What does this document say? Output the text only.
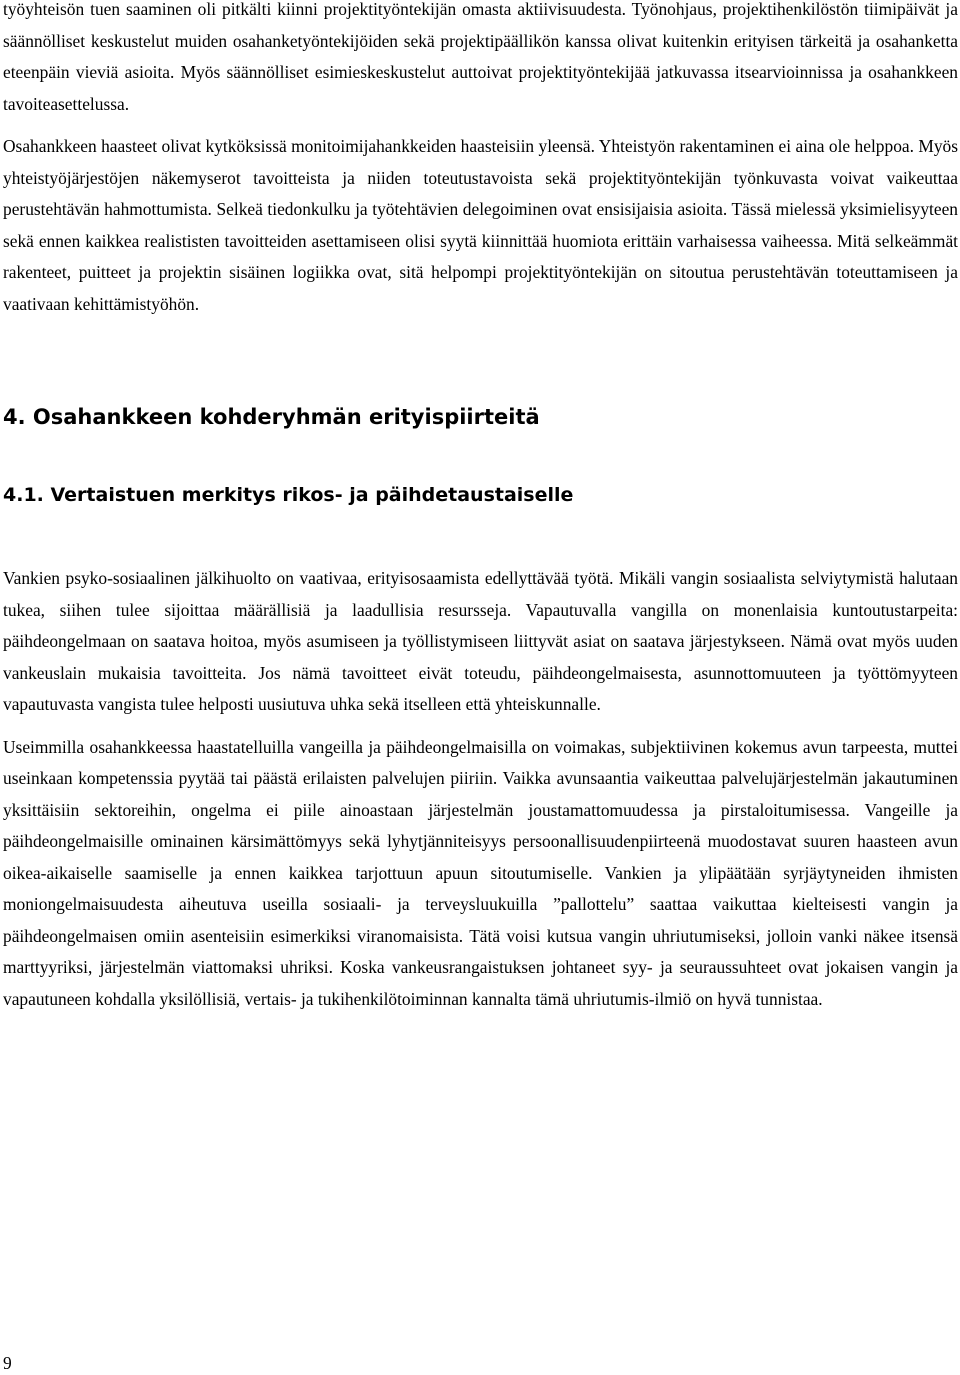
työyhteisön tuen saaminen oli pitkälti kiinni projektityöntekijän omasta aktiivisuudesta. Työnohjaus, projektihenkilöstön tiimipäivät ja säännölliset keskustelut muiden osahanketyöntekijöiden sekä projektipäällikön kanssa olivat kuitenkin erityisen tärkeitä ja osahanketta eteenpäin vieviä asioita. Myös säännölliset esimieskeskustelut auttoivat projektityöntekijää jatkuvassa itsearvioinnissa ja osahankkeen tavoiteasettelussa.

Osahankkeen haasteet olivat kytköksissä monitoimijahankkeiden haasteisiin yleensä. Yhteistyön rakentaminen ei aina ole helppoa. Myös yhteistyöjärjestöjen näkemyserot tavoitteista ja niiden toteutustavoista sekä projektityöntekijän työnkuvasta voivat vaikeuttaa perustehtävän hahmottumista. Selkeä tiedonkulku ja työtehtävien delegoiminen ovat ensisijaisia asioita. Tässä mielessä yksimielisyyteen sekä ennen kaikkea realististen tavoitteiden asettamiseen olisi syytä kiinnittää huomiota erittäin varhaisessa vaiheessa. Mitä selkeämmät rakenteet, puitteet ja projektin sisäinen logiikka ovat, sitä helpompi projektityöntekijän on sitoutua perustehtävän toteuttamiseen ja vaativaan kehittämistyöhön.

4. Osahankkeen kohderyhmän erityispiirteitä
4.1. Vertaistuen merkitys rikos- ja päihdetaustaiselle

Vankien psyko-sosiaalinen jälkihuolto on vaativaa, erityisosaamista edellyttävää työtä. Mikäli vangin sosiaalista selviytymistä halutaan tukea, siihen tulee sijoittaa määrällisiä ja laadullisia resursseja. Vapautuvalla vangilla on monenlaisia kuntoutustarpeita: päihdeongelmaan on saatava hoitoa, myös asumiseen ja työllistymiseen liittyvät asiat on saatava järjestykseen. Nämä ovat myös uuden vankeuslain mukaisia tavoitteita. Jos nämä tavoitteet eivät toteudu, päihdeongelmaisesta, asunnottomuuteen ja työttömyyteen vapautuvasta vangista tulee helposti uusiutuva uhka sekä itselleen että yhteiskunnalle.

Useimmilla osahankkeessa haastatelluilla vangeilla ja päihdeongelmaisilla on voimakas, subjektiivinen kokemus avun tarpeesta, muttei useinkaan kompetenssia pyytää tai päästä erilaisten palvelujen piiriin. Vaikka avunsaantia vaikeuttaa palvelujärjestelmän jakautuminen yksittäisiin sektoreihin, ongelma ei piile ainoastaan järjestelmän joustamattomuudessa ja pirstaloitumisessa. Vangeille ja päihdeongelmaisille ominainen kärsimättömyys sekä lyhytjänniteisyys persoonallisuudenpiirteenä muodostavat suuren haasteen avun oikea-aikaiselle saamiselle ja ennen kaikkea tarjottuun apuun sitoutumiselle. Vankien ja ylipäätään syrjäytyneiden ihmisten moniongelmaisuudesta aiheutuva useilla sosiaali- ja terveysluukuilla ”pallottelu” saattaa vaikuttaa kielteisesti vangin ja päihdeongelmaisen omiin asenteisiin esimerkiksi viranomaisista. Tätä voisi kutsua vangin uhriutumiseksi, jolloin vanki näkee itsensä marttyyriksi, järjestelmän viattomaksi uhriksi. Koska vankeusrangaistuksen johtaneet syy- ja seuraussuhteet ovat jokaisen vangin ja vapautuneen kohdalla yksilöllisiä, vertais- ja tukihenkilötoiminnan kannalta tämä uhriutumis-ilmiö on hyvä tunnistaa.

9
